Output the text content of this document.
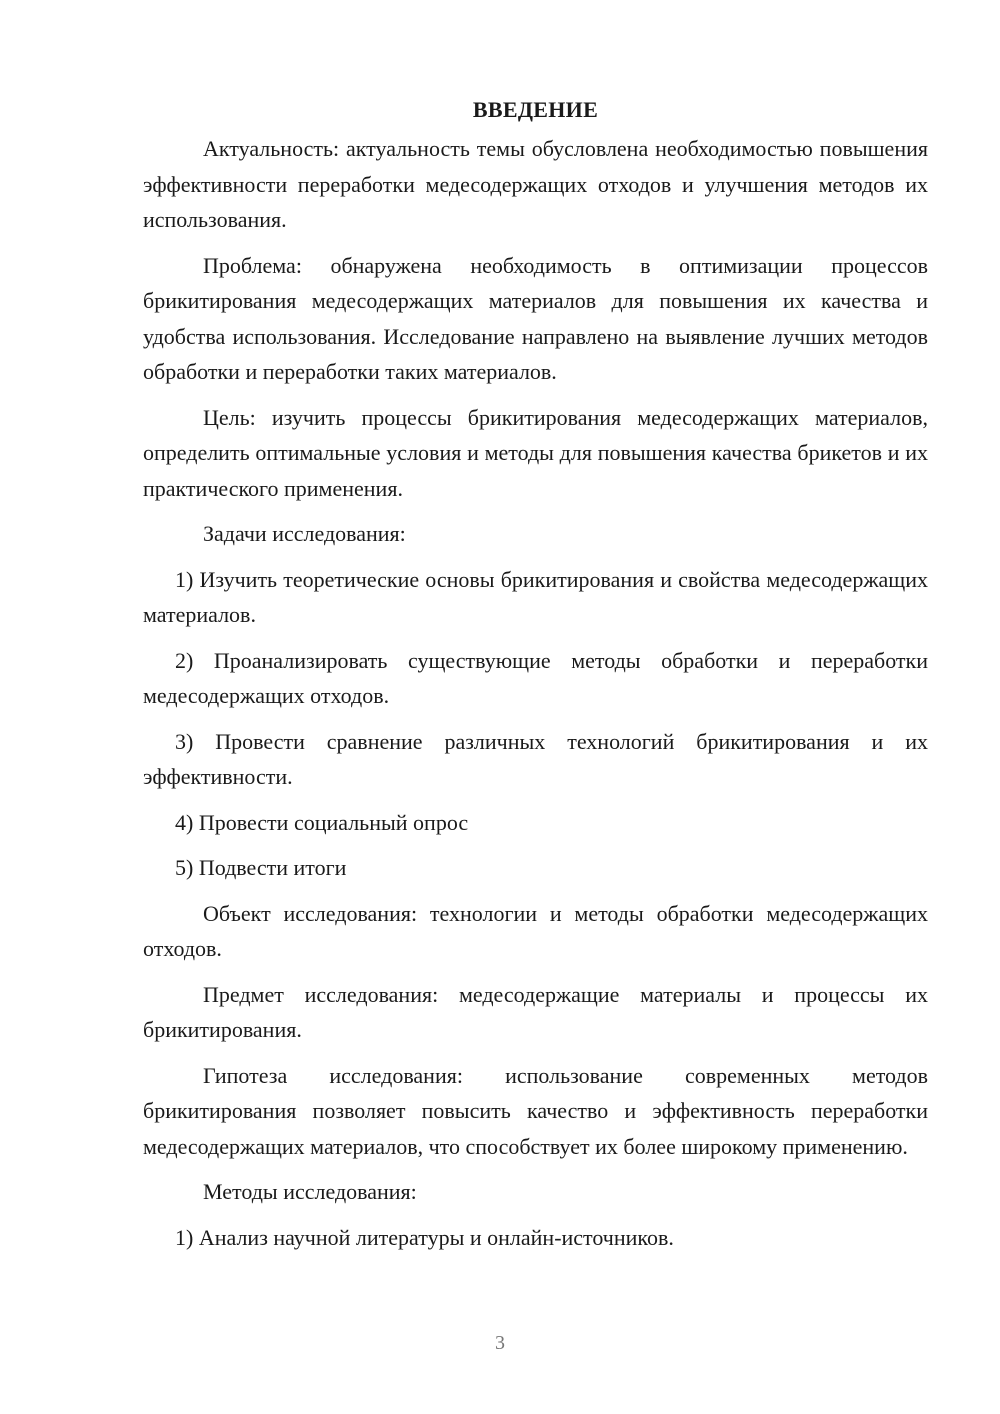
ВВЕДЕНИЕ

Актуальность: актуальность темы обусловлена необходимостью повышения эффективности переработки медесодержащих отходов и улучшения методов их использования.

Проблема: обнаружена необходимость в оптимизации процессов брикитирования медесодержащих материалов для повышения их качества и удобства использования. Исследование направлено на выявление лучших методов обработки и переработки таких материалов.

Цель: изучить процессы брикитирования медесодержащих материалов, определить оптимальные условия и методы для повышения качества брикетов и их практического применения.

Задачи исследования:

1) Изучить теоретические основы брикитирования и свойства медесодержащих материалов.

2) Проанализировать существующие методы обработки и переработки медесодержащих отходов.

3) Провести сравнение различных технологий брикитирования и их эффективности.

4) Провести социальный опрос

5) Подвести итоги

Объект исследования: технологии и методы обработки медесодержащих отходов.

Предмет исследования: медесодержащие материалы и процессы их брикитирования.

Гипотеза исследования: использование современных методов брикитирования позволяет повысить качество и эффективность переработки медесодержащих материалов, что способствует их более широкому применению.

Методы исследования:

1) Анализ научной литературы и онлайн-источников.

3
